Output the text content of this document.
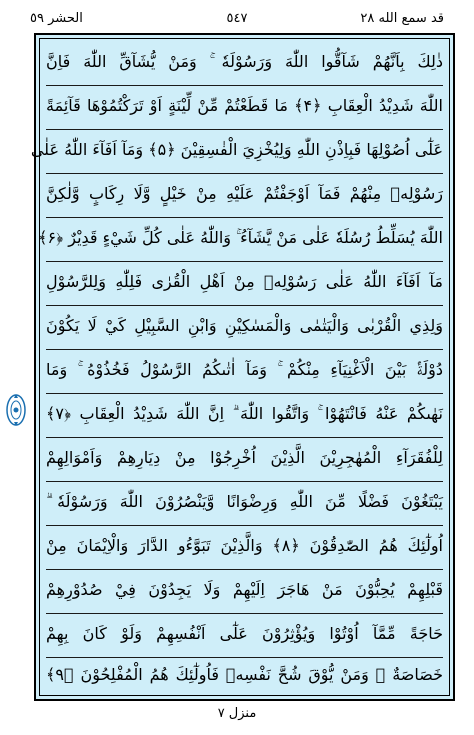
قد سمع الله ٢٨
٥٤٧
الحشر ٥٩
ذٰلِكَ بِاَنَّهُمْ شَآقُّوا اللّٰهَ وَرَسُوْلَهٗ ۚ وَمَنْ يُّشَآقِّ اللّٰهَ فَاِنَّ
اللّٰهَ شَدِيْدُ الْعِقَابِ ﴿۴﴾ مَا قَطَعْتُمْ مِّنْ لِّيْنَةٍ اَوْ تَرَكْتُمُوْهَا قَآئِمَةً
عَلٰٓى اُصُوْلِهَا فَبِاِذْنِ اللّٰهِ وَلِيُخْزِيَ الْفٰسِقِيْنَ ﴿۵﴾ وَمَآ اَفَآءَ اللّٰهُ عَلٰى
رَسُوْلِهٖ مِنْهُمْ فَمَآ اَوْجَفْتُمْ عَلَيْهِ مِنْ خَيْلٍ وَّلَا رِكَابٍ وَّلٰكِنَّ
اللّٰهَ يُسَلِّطُ رُسُلَهٗ عَلٰى مَنْ يَّشَآءُ ۚ وَاللّٰهُ عَلٰى كُلِّ شَيْءٍ قَدِيْرٌ ﴿۶﴾
مَآ اَفَآءَ اللّٰهُ عَلٰى رَسُوْلِهٖ مِنْ اَهْلِ الْقُرٰى فَلِلّٰهِ وَلِلرَّسُوْلِ
وَلِذِي الْقُرْبٰى وَالْيَتٰمٰى وَالْمَسٰكِيْنِ وَابْنِ السَّبِيْلِ كَيْ لَا يَكُوْنَ
دُوْلَةًۢ بَيْنَ الْاَغْنِيَآءِ مِنْكُمْ ۚ وَمَآ اٰتٰىكُمُ الرَّسُوْلُ فَخُذُوْهُ ۚ وَمَا
نَهٰىكُمْ عَنْهُ فَانْتَهُوْا ۚ وَاتَّقُوا اللّٰهَ ۗ اِنَّ اللّٰهَ شَدِيْدُ الْعِقَابِ ﴿۷﴾
لِلْفُقَرَآءِ الْمُهٰجِرِيْنَ الَّذِيْنَ اُخْرِجُوْا مِنْ دِيَارِهِمْ وَاَمْوَالِهِمْ
يَبْتَغُوْنَ فَضْلًا مِّنَ اللّٰهِ وَرِضْوَانًا وَّيَنْصُرُوْنَ اللّٰهَ وَرَسُوْلَهٗ ۗ
اُولٰٓئِكَ هُمُ الصّٰدِقُوْنَ ﴿۸﴾ وَالَّذِيْنَ تَبَوَّءُو الدَّارَ وَالْاِيْمَانَ مِنْ
قَبْلِهِمْ يُحِبُّوْنَ مَنْ هَاجَرَ اِلَيْهِمْ وَلَا يَجِدُوْنَ فِيْ صُدُوْرِهِمْ
حَاجَةً مِّمَّآ اُوْتُوْا وَيُؤْثِرُوْنَ عَلٰٓى اَنْفُسِهِمْ وَلَوْ كَانَ بِهِمْ
خَصَاصَةٌ ۗ وَمَنْ يُّوْقَ شُحَّ نَفْسِهٖ فَاُولٰٓئِكَ هُمُ الْمُفْلِحُوْنَ ﴿۹﴾
منزل ٧
